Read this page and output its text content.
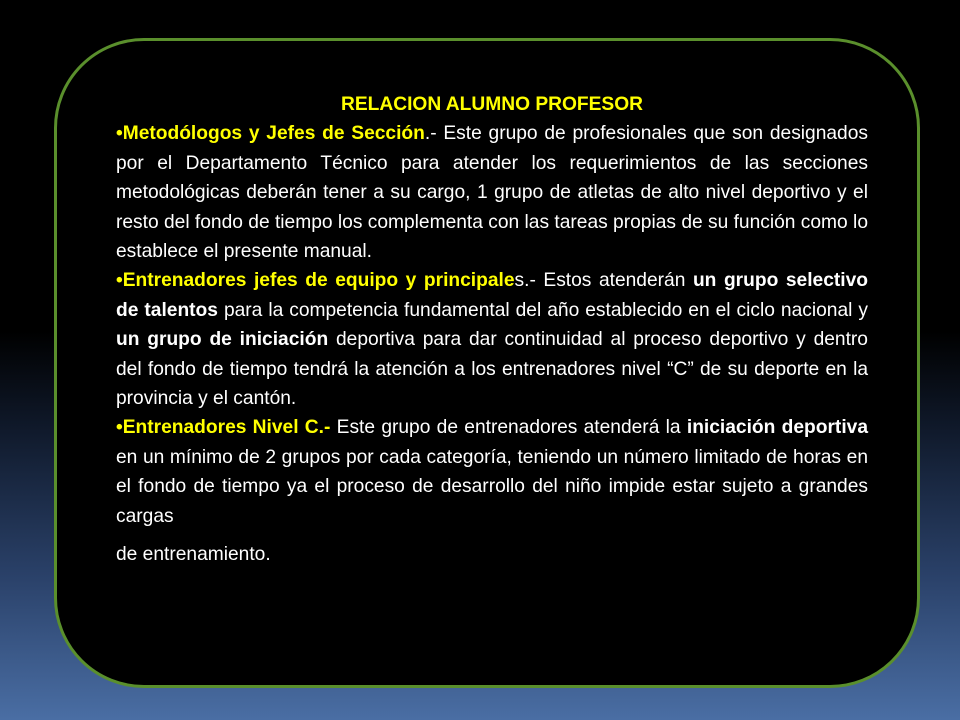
RELACION ALUMNO PROFESOR

•Metodólogos y Jefes de Sección.- Este grupo de profesionales que son designados por el Departamento Técnico para atender los requerimientos de las secciones metodológicas deberán tener a su cargo, 1 grupo de atletas de alto nivel deportivo y el resto del fondo de tiempo los complementa con las tareas propias de su función como lo establece el presente manual.

•Entrenadores jefes de equipo y principales.- Estos atenderán un grupo selectivo de talentos para la competencia fundamental del año establecido en el ciclo nacional y un grupo de iniciación deportiva para dar continuidad al proceso deportivo y dentro del fondo de tiempo tendrá la atención a los entrenadores nivel “C” de su deporte en la provincia y el cantón.

•Entrenadores Nivel C.- Este grupo de entrenadores atenderá la iniciación deportiva en un mínimo de 2 grupos por cada categoría, teniendo un número limitado de horas en el fondo de tiempo ya el proceso de desarrollo del niño impide estar sujeto a grandes cargas
de entrenamiento.
